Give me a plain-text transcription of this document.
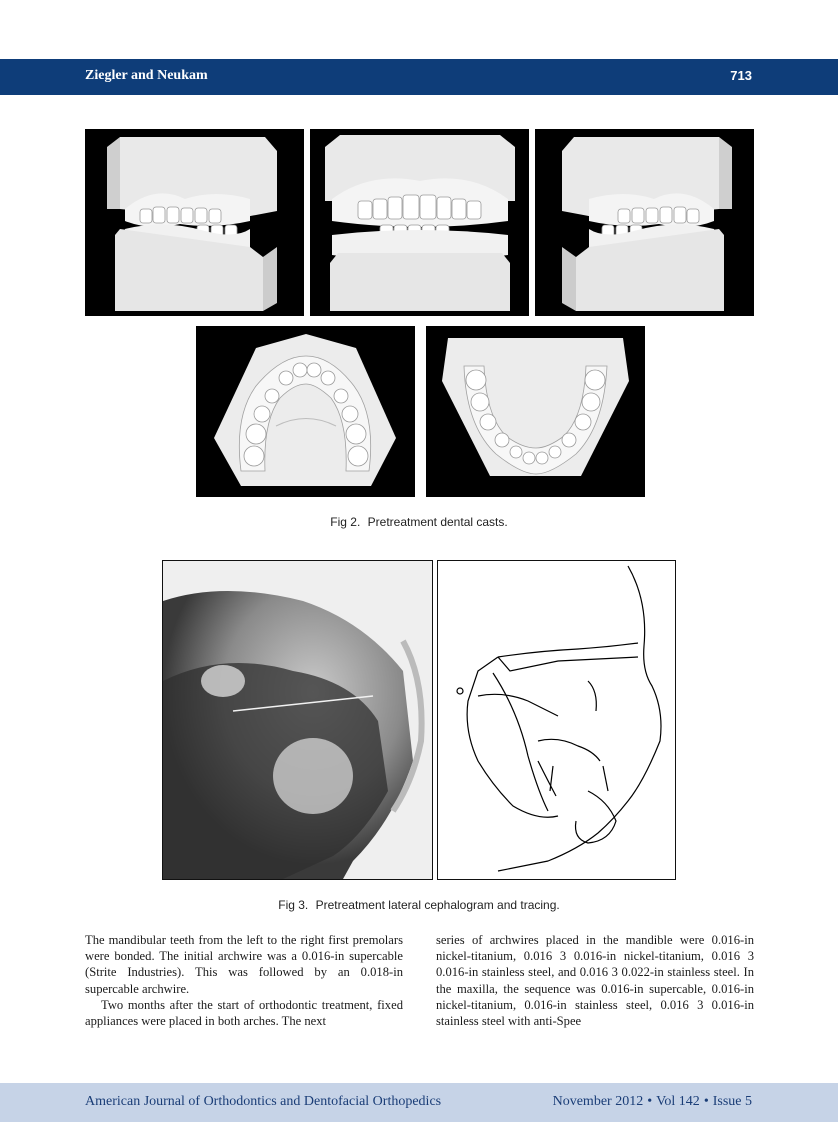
Ziegler and Neukam	713
Fig 2. Pretreatment dental casts.
Fig 3. Pretreatment lateral cephalogram and tracing.

The mandibular teeth from the left to the right first premolars were bonded. The initial archwire was a 0.016-in supercable (Strite Industries). This was followed by an 0.018-in supercable archwire.

Two months after the start of orthodontic treatment, fixed appliances were placed in both arches. The next

series of archwires placed in the mandible were 0.016-in nickel-titanium, 0.016 3 0.016-in nickel-titanium, 0.016 3 0.016-in stainless steel, and 0.016 3 0.022-in stainless steel. In the maxilla, the sequence was 0.016-in supercable, 0.016-in nickel-titanium, 0.016-in stainless steel, 0.016 3 0.016-in stainless steel with anti-Spee

American Journal of Orthodontics and Dentofacial Orthopedics	November 2012 • Vol 142 • Issue 5
